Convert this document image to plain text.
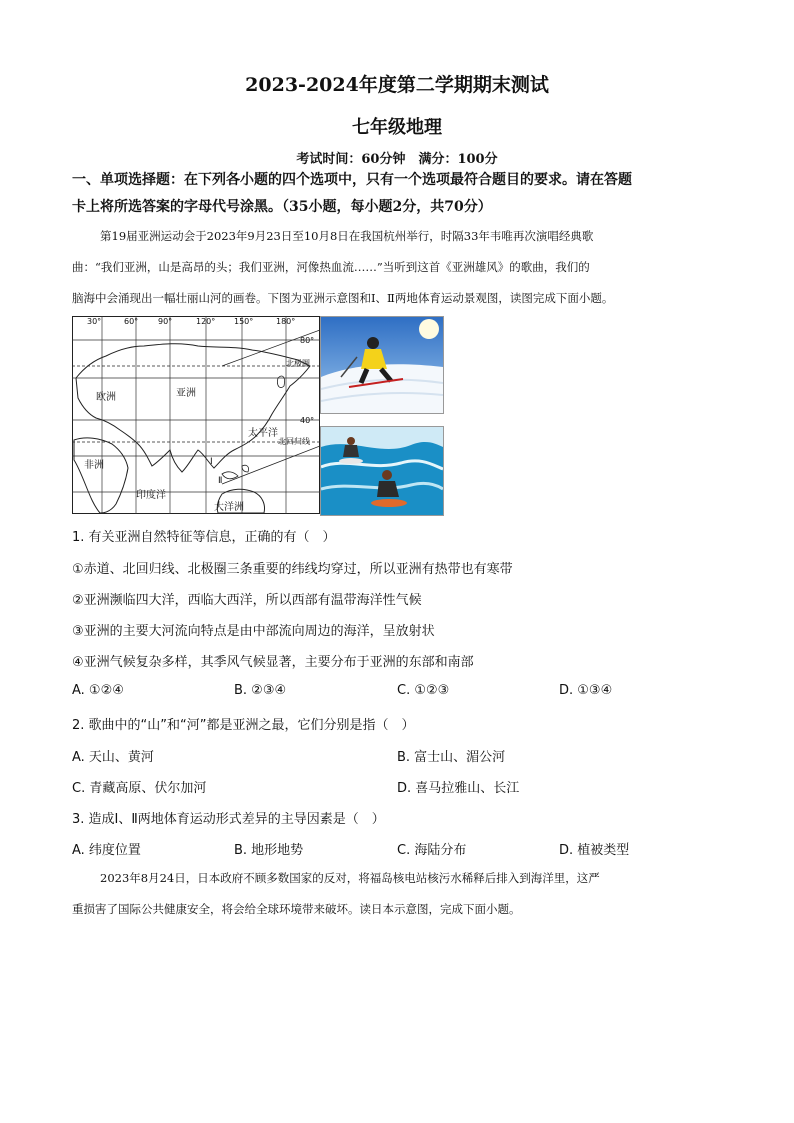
2023-2024年度第二学期期末测试
七年级地理
考试时间：60分钟　满分：100分
一、单项选择题：在下列各小题的四个选项中，只有一个选项最符合题目的要求。请在答题
卡上将所选答案的字母代号涂黑。（35小题，每小题2分，共70分）
第19届亚洲运动会于2023年9月23日至10月8日在我国杭州举行，时隔33年韦唯再次演唱经典歌
曲：“我们亚洲，山是高昂的头；我们亚洲，河像热血流……”当听到这首《亚洲雄风》的歌曲，我们的
脑海中会涌现出一幅壮丽山河的画卷。下图为亚洲示意图和Ⅰ、Ⅱ两地体育运动景观图，读图完成下面小题。
30°	60° 90°	120° 150°	180°
80°
40°
北极圈
北回归线
欧洲	亚洲
太平洋
非洲
印度洋
大洋洲
Ⅰ
Ⅱ
1. 有关亚洲自然特征等信息，正确的有（　）
①赤道、北回归线、北极圈三条重要的纬线均穿过，所以亚洲有热带也有寒带
②亚洲濒临四大洋，西临大西洋，所以西部有温带海洋性气候
③亚洲的主要大河流向特点是由中部流向周边的海洋，呈放射状
④亚洲气候复杂多样，其季风气候显著，主要分布于亚洲的东部和南部
A. ①②④	B. ②③④	C. ①②③	D. ①③④
2. 歌曲中的“山”和“河”都是亚洲之最，它们分别是指（　）
A. 天山、黄河	B. 富士山、湄公河
C. 青藏高原、伏尔加河	D. 喜马拉雅山、长江
3. 造成Ⅰ、Ⅱ两地体育运动形式差异的主导因素是（　）
A. 纬度位置	B. 地形地势	C. 海陆分布	D. 植被类型
2023年8月24日，日本政府不顾多数国家的反对，将福岛核电站核污水稀释后排入到海洋里，这严
重损害了国际公共健康安全，将会给全球环境带来破坏。读日本示意图，完成下面小题。
